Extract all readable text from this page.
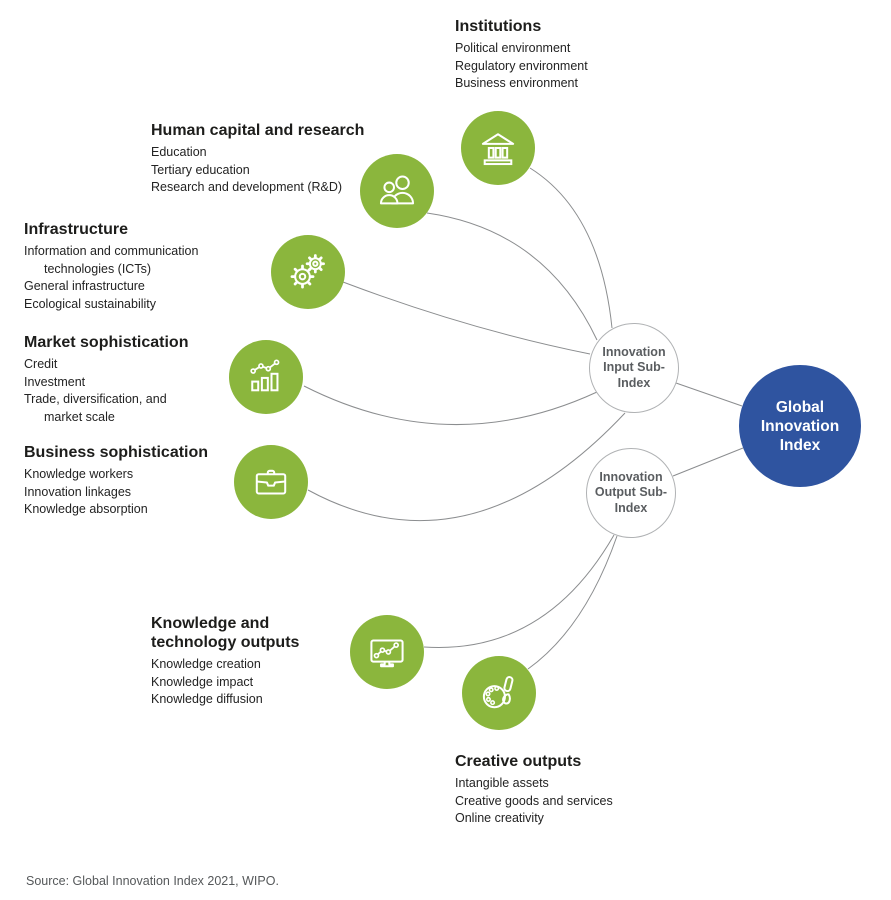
Institutions
Political environment
Regulatory environment
Business environment
Human capital and research
Education
Tertiary education
Research and development (R&D)
Infrastructure
Information and communication
technologies (ICTs)
General infrastructure
Ecological sustainability
Market sophistication
Credit
Investment
Trade, diversification, and
market scale
Business sophistication
Knowledge workers
Innovation linkages
Knowledge absorption
Knowledge and technology outputs
Knowledge creation
Knowledge impact
Knowledge diffusion
Creative outputs
Intangible assets
Creative goods and services
Online creativity
Innovation Input Sub-Index
Innovation Output Sub-Index
Global Innovation Index
Source: Global Innovation Index 2021, WIPO.
